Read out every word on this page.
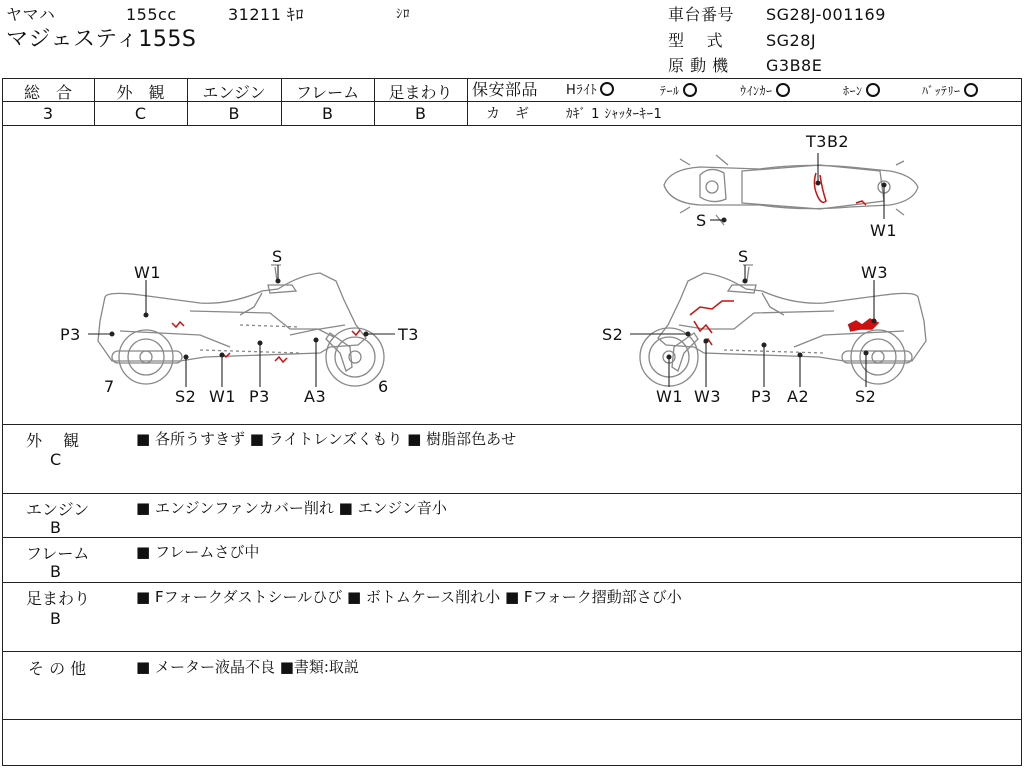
ヤマハ	155cc	31211 ｷﾛ	ｼﾛ
マジェスティ155S
車台番号 SG28J-001169
型　 式	SG28J
原 動 機 G3B8E
総　合
3
外　観
C
エンジン
B
フレーム
B
足まわり
B
保安部品 Hﾗｲﾄ	ﾃｰﾙ	ｳｲﾝｶｰ	ﾎｰﾝ	ﾊﾞｯﾃﾘｰ
カ　ギ	ｶｷﾞ 1 ｼｬｯﾀｰｷｰ1
W1
S
P3	T3
7	6
S2 W1 P3 A3
T3B2
S
W1
S
W3
S2
W1 W3 P3 A2	S2
外　 観
C
■ 各所うすきず ■ ライトレンズくもり ■ 樹脂部色あせ
エンジン
B
■ エンジンファンカバー削れ ■ エンジン音小
フレーム
B
■ フレームさび中
足まわり
B
■ Fフォークダストシールひび ■ ボトムケース削れ小 ■ Fフォーク摺動部さび小
そ の 他	■ メーター液晶不良 ■書類:取説
